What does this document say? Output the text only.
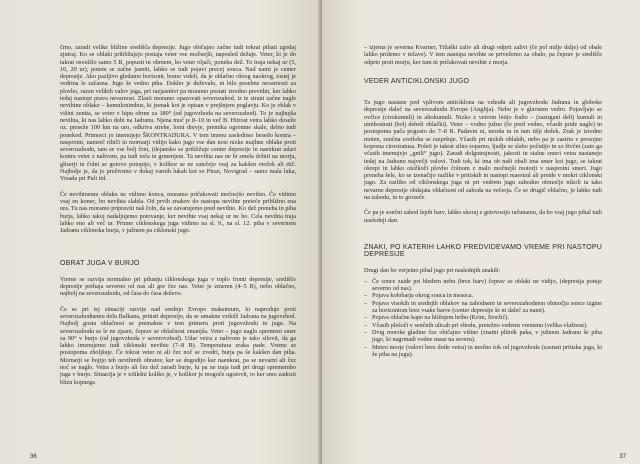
črno, zaradi velike bližine središča depresije. Jugo običajno začne tudi tokrat pihati zgodaj zjutraj. Ko se oblaki približujejo postaja veter vse močnejši, naposled dežuje. Veter, ki je do takrat osvežilo samo 5 B, popusti in obrnem, ko veter oljači, poneha dež. To traja nekaj ur (5, 10, 20 ur), potem se začne jasniti, lahko se tudi pojavi precej sonca. Nad nami je center depresije. Ako pazljivo gledamo horizont, bomo videli, da je oblačno okrog naokrog, tostej je vedrina le začasna. Jugo še vedno piha. Dokler je deževalo, ni bilo posebne nevarnosti za plovbo, razen velikih valov juga, pri razjasnitvi pa moramo postati izredno previdni, ker lahko tedaj nastopi prava nevarnost. Zlasti moramo opazovati severozahod, iz te strani začne nagle nevihtne oblake – kumulonimbus, ki jeenak kot je opisan v prejšnjem poglavju. Ko je oblak v višini zenita, se veter v hipu obrne za 180° (od jugovzhoda na severozahod). To je najhujša nevihta, ki nas lahko dobi na Jadranu. Njena moč je 8–10 in več B. Hitrost vetra lahko doseže oz. preseže 100 km na uro, odkriva strehe, lomi drevje, premika ogromne skale, delno tudi ponekod. Primorci jo imenujejo ŠKONTRADURA. V tem imenu zasledimo besedo kontra – nasprotni, namreč ribiči in mornarji vidijo kako jugo vse dan nosi nizke majhne oblake proti severozahodu, tam se vse bolj črni, (dejansko se približuje center depresije in naenkrat udari kontra veter z nalivom, pa tudi toča in grmenjem. Ta nevihta nas ne bi smela dobiti na morju, gliserji in čolni se gotovo potopijo, v kolikor se ne zatečejo vsaj za kakšen otoček ali rtič. Najbolje je, da jo preživimo v dokaj varnih lukah kot so Piran, Novigrad – samo mala luka, Vrsada pri Puli itd.

Če nevihtnemu oblaku ne vidimo konca, moramo pričakovati močnejšo nevihto. Če vidimo vsaj en konec, bo nevihta slabša. Od prvih znakov do nastopa nevihte preteče približno ena ura. Tu nas moramo pripraviti naš čoln, da se zavarujemo pred nevihto. Ko dež preneha in piha burja, lahko takoj nadaljujemo potovanje, ker nevihte vsaj nekaj ur ne bo. Cela nevihta traja lahko eno ali več ur. Primer ciklonskega juga vidimo na sl. 9., na sl. 12. piha v severnem Jadranu ciklonska burja, v južnem pa ciklonski jugo.

OBRAT JUGA V BURJO

Vreme se razvija normalno pri pihanju ciklonskega juga v toplo fronti depresije, središče depresije prehaja severno od nas ali gre čez nas. Veter je zmeren (4–5 B), nebo oblačno, najbolj na severozahodu, od časa do časa deževo.

Če se pri tej situaciji razvije nad srednjo Evropo maksimum, ki napreduje proti severozahodnemu delu Balkana, pritisti depresijo, da se umakne vzdolž Jadrana na jugovzhod. Najbolj gosta oblačnost se premakne v tem primeru proti jugovzhodu in jugu. Na severozahodu se le ne zjasni, čeprav se oblačnost zmanjša. Veter – jugo naglo spremeni smer za 90° v burjo (od jugovzhoda v severovzhod). Udar vetra z nalivom je tako silovit, da ga lahko imenujemo tudi ciklonski nevihte (7–8 B). Temperatura zraka pade. Vreme se postopoma zboljšuje. Če tokrat veter ni ali čez noč se zvedri, burja pa še kakšen dan piha. Mornarji se bojijo teh nevihtnih obratov, ker se dogodijo kar naenkrat, pa se nevarni ali čez noč se naglo. Vetra z burjo ali čez dež zaradi burje, ki pa ne traja tudi pri drugi spremembo juga v burjo. Situacija je v tolikšni koliko je, v kolikor je mogoče ugotovit, to ker smo zadosti blizu kopnega

36

– izjema je severna Kvarner, Tržaški zaliv ali drugi odprti zalivi (če pol milje dalje) od obale lahko pridemo v težave). V tem nastopa nevihte se privežemo za obalo, pa čeprav je središče odprto proti morju, ker tam ni pričakovati nevihte z morja.

VEDER ANTICIKLONSKI JUGO

Ta jugo nastane pod vplivom anticiklona na vzhodu ali jugovzhodu Jadrana in globoke depresije daleč na severozahodu Evrope (Anglija). Nebo je v glavnem vedro. Pojavljajo se ovčice (cirokumuli) in altokumuli. Nizko z vetrom letijo fralto – (raztrgani deli) kumuli in nimbostrati (bolj debeli oblački). Veter – vodno južno (če pred vedno, včasih pride nagle) in postopoma pača pogosto do 7–8 B. Padavin ni, morda tu in tam tišji dežek. Zrak je izredno moten, sončna svetloba se razpršuje. Včasih pri nizkih oblakih, nebo pa je zastrto s prosojno koprena cirostratusa. Poleti je takrat silno soparno, ljudje se slabo počutijo in so živčni (zato ga včasih imenujejo „gnili“ jugo). Zaradi dolgotrajnosti, jakosti in stalne smeri vetra nastanejo tedaj na Jadranu največji valovi. Tudi tok, ki ima ob naši obali ima smer kot jugo, se takrat okrepi in lahko otežkoči plovbo čolnom z malo močnejši motorji v nasprotni smeri. Jugo preneha šele, ko se izenačijo razlike v pritiskih in nastopi maestral ali preide v mokri ciklonski jugo. Za razliko od ciklonskega juga ni pri vedrem jugu zahodno območje nikoli ta tako nevarne depresije obdajata oblačnost od zahoda na večerja. Če se drugič oblačno, je lahko tudi na zahodu, in to grozeče.

Če pa je sončni zahod lepih barv, lahko skoraj z gotovostjo računamo, da bo vsaj jugo pihal tudi naslednji dan.

ZNAKI, PO KATERIH LAHKO PREDVIDEVAMO VREME PRI NASTOPU DEPRESIJE

Drugi dan bo verjetno pihal jugo pri naslednjih znakih:

– Če sonce zaide pri bledem nebu (brez barv) čeprav se oblaki ne vidijo, (depresija potuje severno od nas).
– Pojava kolobarja okrog sonca in meseca.
– Pojava visokih in srednjih oblakov na zahodnem in severozahodnem območju sonce izgine za horizontom brez vsake barve (center depresije še ni daleč za nami).
– Pojava oblačne kape na bližnjem hribu (Krim, Storžič).
– Včasih plešoči v senčnih ulicah pri vhodu, pretežno vedrem vremenu (velika vlažnost).
– Dvig morske gladine čez običajno višino (znatni plitnik paka, v južnem Jadranu še piha jugo, ki nagrmadi vodne mase na severu).
– Meteo morje (valovi brez dotle vetra) in močno tok od jugovzhoda (zaznati pritiska juga, ki že piha na jugu).
37
